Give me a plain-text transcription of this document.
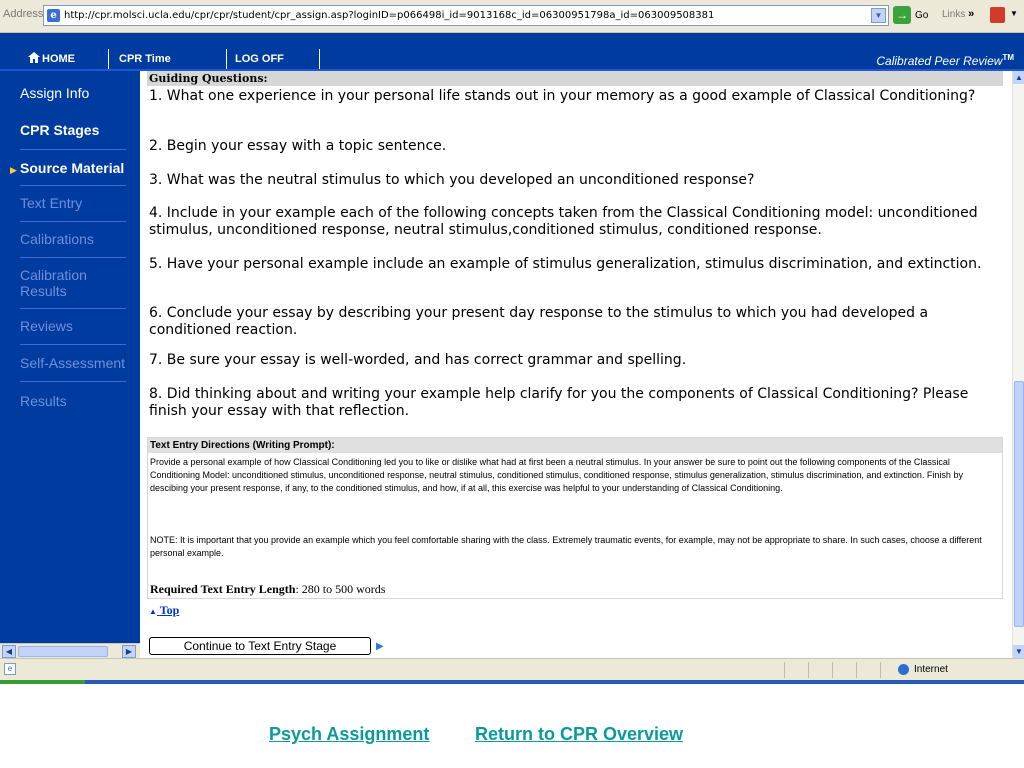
Address e http://cpr.molsci.ucla.edu/cpr/cpr/student/cpr_assign.asp?loginID=p066498i_id=9013168c_id=06300951798a_id=063009508381	▼ → Go Links »	▼
HOME	CPR Time	LOG OFF	Calibrated Peer Review™
Assign Info
CPR Stages
▶ Source Material
Text Entry
Calibrations
Calibration Results
Reviews
Self-Assessment
Results
◀	▶
Guiding Questions:
1. What one experience in your personal life stands out in your memory as a good example of Classical Conditioning?
2. Begin your essay with a topic sentence.
3. What was the neutral stimulus to which you developed an unconditioned response?
4. Include in your example each of the following concepts taken from the Classical Conditioning model: unconditioned stimulus, unconditioned response, neutral stimulus,conditioned stimulus, conditioned response.
5. Have your personal example include an example of stimulus generalization, stimulus discrimination, and extinction.
6. Conclude your essay by describing your present day response to the stimulus to which you had developed a conditioned reaction.
7. Be sure your essay is well-worded, and has correct grammar and spelling.
8. Did thinking about and writing your example help clarify for you the components of Classical Conditioning? Please finish your essay with that reflection.
Text Entry Directions (Writing Prompt):
Provide a personal example of how Classical Conditioning led you to like or dislike what had at first been a neutral stimulus. In your answer be sure to point out the following components of the Classical Conditioning Model: unconditioned stimulus, unconditioned response, neutral stimulus, conditioned stimulus, conditioned response, stimulus generalization, stimulus discrimination, and extinction. Finish by descibing your present response, if any, to the conditioned stimulus, and how, if at all, this exercise was helpful to your understanding of Classical Conditioning.
NOTE: It is important that you provide an example which you feel comfortable sharing with the class. Extremely traumatic events, for example, may not be appropriate to share. In such cases, choose a different personal example.
Required Text Entry Length: 280 to 500 words
▲ Top
Continue to Text Entry Stage	▶
▲
▼
e	Internet
Psych Assignment	Return to CPR Overview
